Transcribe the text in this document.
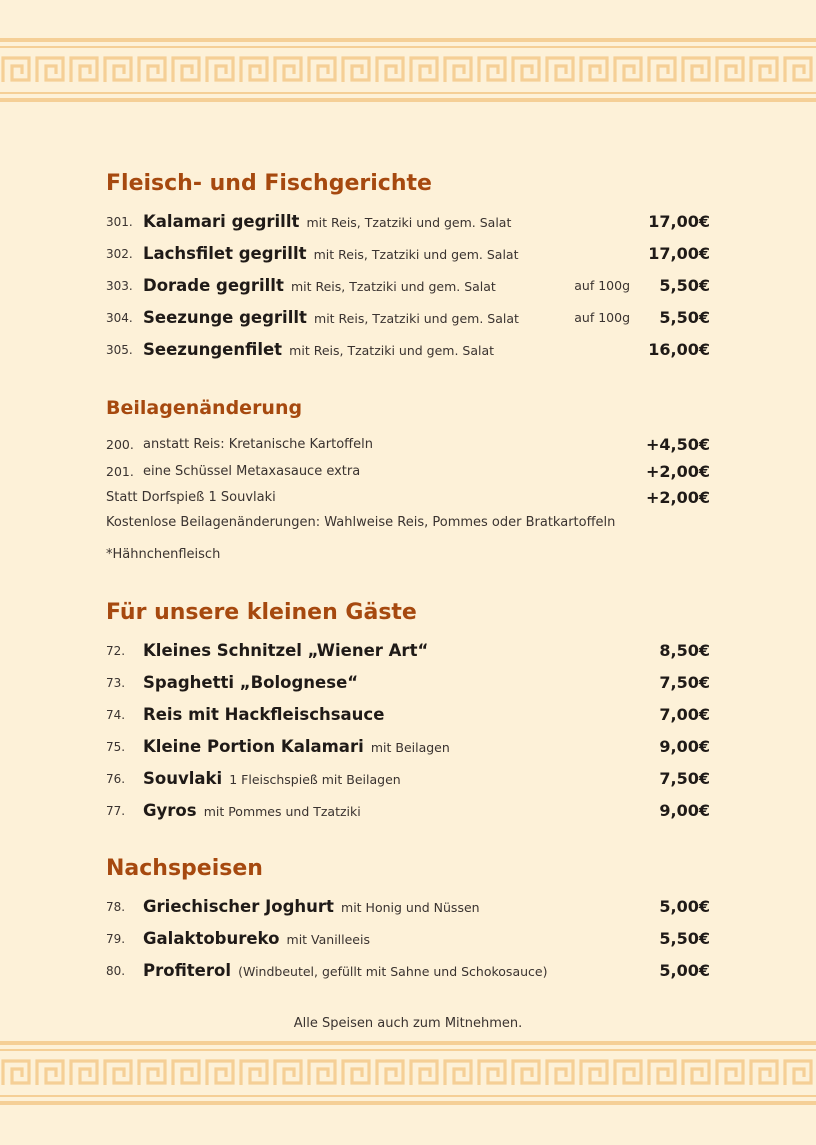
Fleisch- und Fischgerichte
301. Kalamari gegrillt mit Reis, Tzatziki und gem. Salat	17,00€
302. Lachsfilet gegrillt mit Reis, Tzatziki und gem. Salat	17,00€
303. Dorade gegrillt mit Reis, Tzatziki und gem. Salat	auf 100g 5,50€
304. Seezunge gegrillt mit Reis, Tzatziki und gem. Salat	auf 100g 5,50€
305. Seezungenfilet mit Reis, Tzatziki und gem. Salat	16,00€
Beilagenänderung
200. anstatt Reis: Kretanische Kartoffeln	+4,50€
201. eine Schüssel Metaxasauce extra	+2,00€
Statt Dorfspieß 1 Souvlaki	+2,00€
Kostenlose Beilagenänderungen: Wahlweise Reis, Pommes oder Bratkartoffeln
*Hähnchenfleisch
Für unsere kleinen Gäste
72. Kleines Schnitzel „Wiener Art“	8,50€
73. Spaghetti „Bolognese“	7,50€
74. Reis mit Hackfleischsauce	7,00€
75. Kleine Portion Kalamari mit Beilagen	9,00€
76. Souvlaki 1 Fleischspieß mit Beilagen	7,50€
77. Gyros mit Pommes und Tzatziki	9,00€
Nachspeisen
78. Griechischer Joghurt mit Honig und Nüssen	5,00€
79. Galaktobureko mit Vanilleeis	5,50€
80. Profiterol (Windbeutel, gefüllt mit Sahne und Schokosauce)	5,00€
Alle Speisen auch zum Mitnehmen.
